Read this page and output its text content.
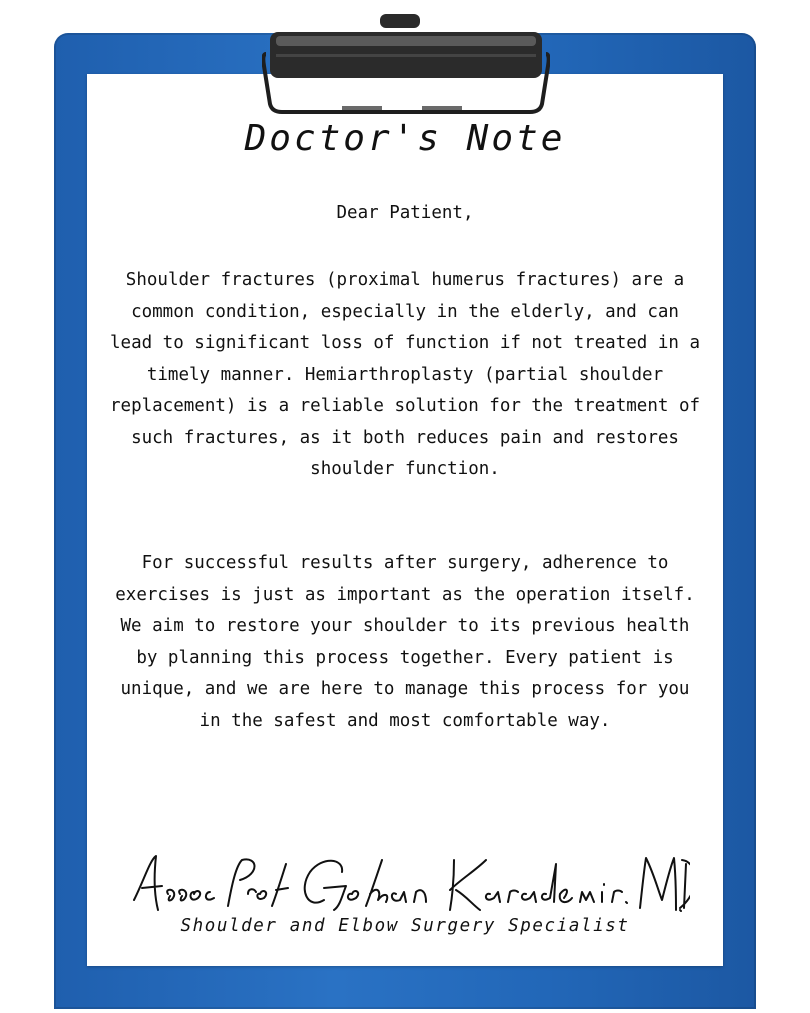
Doctor's Note
Dear Patient,
Shoulder fractures (proximal humerus fractures) are a common condition, especially in the elderly, and can lead to significant loss of function if not treated in a timely manner. Hemiarthroplasty (partial shoulder replacement) is a reliable solution for the treatment of such fractures, as it both reduces pain and restores shoulder function.
For successful results after surgery, adherence to exercises is just as important as the operation itself. We aim to restore your shoulder to its previous health by planning this process together. Every patient is unique, and we are here to manage this process for you in the safest and most comfortable way.
Shoulder and Elbow Surgery Specialist
